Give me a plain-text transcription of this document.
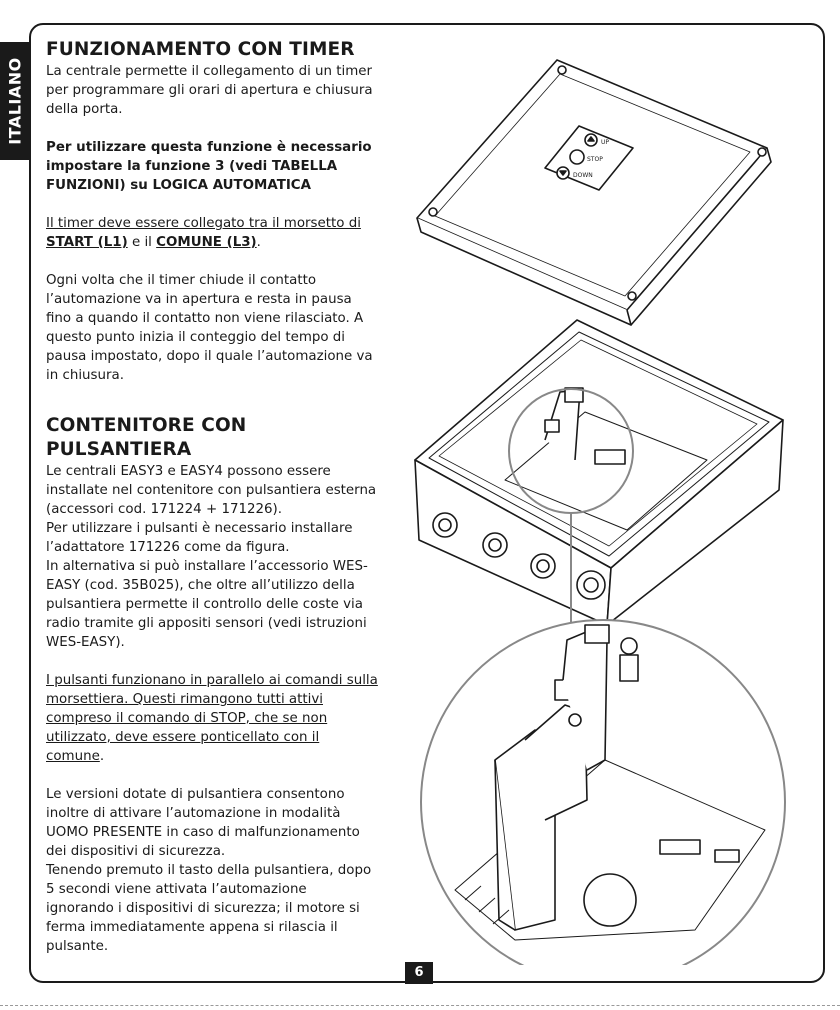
ITALIANO
FUNZIONAMENTO CON TIMER

La centrale permette il collegamento di un timer per programmare gli orari di apertura e chiusura della porta.

Per utilizzare questa funzione è necessario impostare la funzione 3 (vedi TABELLA FUNZIONI) su LOGICA AUTOMATICA

Il timer deve essere collegato tra il morsetto di START (L1) e il COMUNE (L3).

Ogni volta che il timer chiude il contatto l’automazione va in apertura e resta in pausa fino a quando il contatto non viene rilasciato. A questo punto inizia il conteggio del tempo di pausa impostato, dopo il quale l’automazione va in chiusura.

CONTENITORE CON PULSANTIERA

Le centrali EASY3 e EASY4 possono essere installate nel contenitore con pulsantiera esterna (accessori cod. 171224 + 171226).

Per utilizzare i pulsanti è necessario installare l’adattatore 171226 come da figura.

In alternativa si può installare l’accessorio WES-EASY (cod. 35B025), che oltre all’utilizzo della pulsantiera permette il controllo delle coste via radio tramite gli appositi sensori (vedi istruzioni WES-EASY).

I pulsanti funzionano in parallelo ai comandi sulla morsettiera. Questi rimangono tutti attivi compreso il comando di STOP, che se non utilizzato, deve essere ponticellato con il comune.

Le versioni dotate di pulsantiera consentono inoltre di attivare l’automazione in modalità UOMO PRESENTE in caso di malfunzionamento dei dispositivi di sicurezza.

Tenendo premuto il tasto della pulsantiera, dopo 5 secondi viene attivata l’automazione ignorando i dispositivi di sicurezza; il motore si ferma immediatamente appena si rilascia il pulsante.

UP
STOP
DOWN
6
